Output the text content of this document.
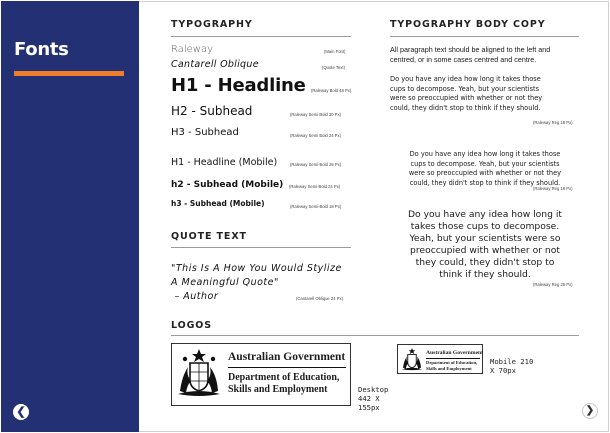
Fonts
❮	❯
TYPOGRAPHY
Raleway	(Main Font)
Cantarell Oblique	(Quote Text)
H1 - Headline (Raleway Bold 48 Px)
H2 - Subhead	(Raleway Semi Bold 30 Px)
H3 - Subhead	(Raleway Semi Bold 24 Px)
H1 - Headline (Mobile)	(Raleway Semi-Bold 26 Px)
h2 - Subhead (Mobile) (Raleway Semi-Bold 24 Px)
h3 - Subhead (Mobile)	(Raleway Semi-Bold 18 Px)
QUOTE TEXT
"This Is A How You Would Stylize
A Meaningful Quote"
– Author	(Cantarell Oblique 24 Px)
TYPOGRAPHY BODY COPY
All paragraph text should be aligned to the left and
centred, or in some cases centred and centre.
Do you have any idea how long it takes those
cups to decompose. Yeah, but your scientists
were so preoccupied with whether or not they
could, they didn't stop to think if they should.
(Raleway Reg 18 Px)
Do you have any idea how long it takes those
cups to decompose. Yeah, but your scientists
were so preoccupied with whether or not they
could, they didn't stop to think if they should.
(Raleway Reg 18 Px)
Do you have any idea how long it
takes those cups to decompose.
Yeah, but your scientists were so
preoccupied with whether or not
they could, they didn't stop to
think if they should.
(Raleway Reg 25 Px)
LOGOS
Australian Government
Department of Education,
Skills and Employment	Desktop
442 X
155px
Australian Government
Department of Education,
Skills and Employment
Mobile 210
X 70px
